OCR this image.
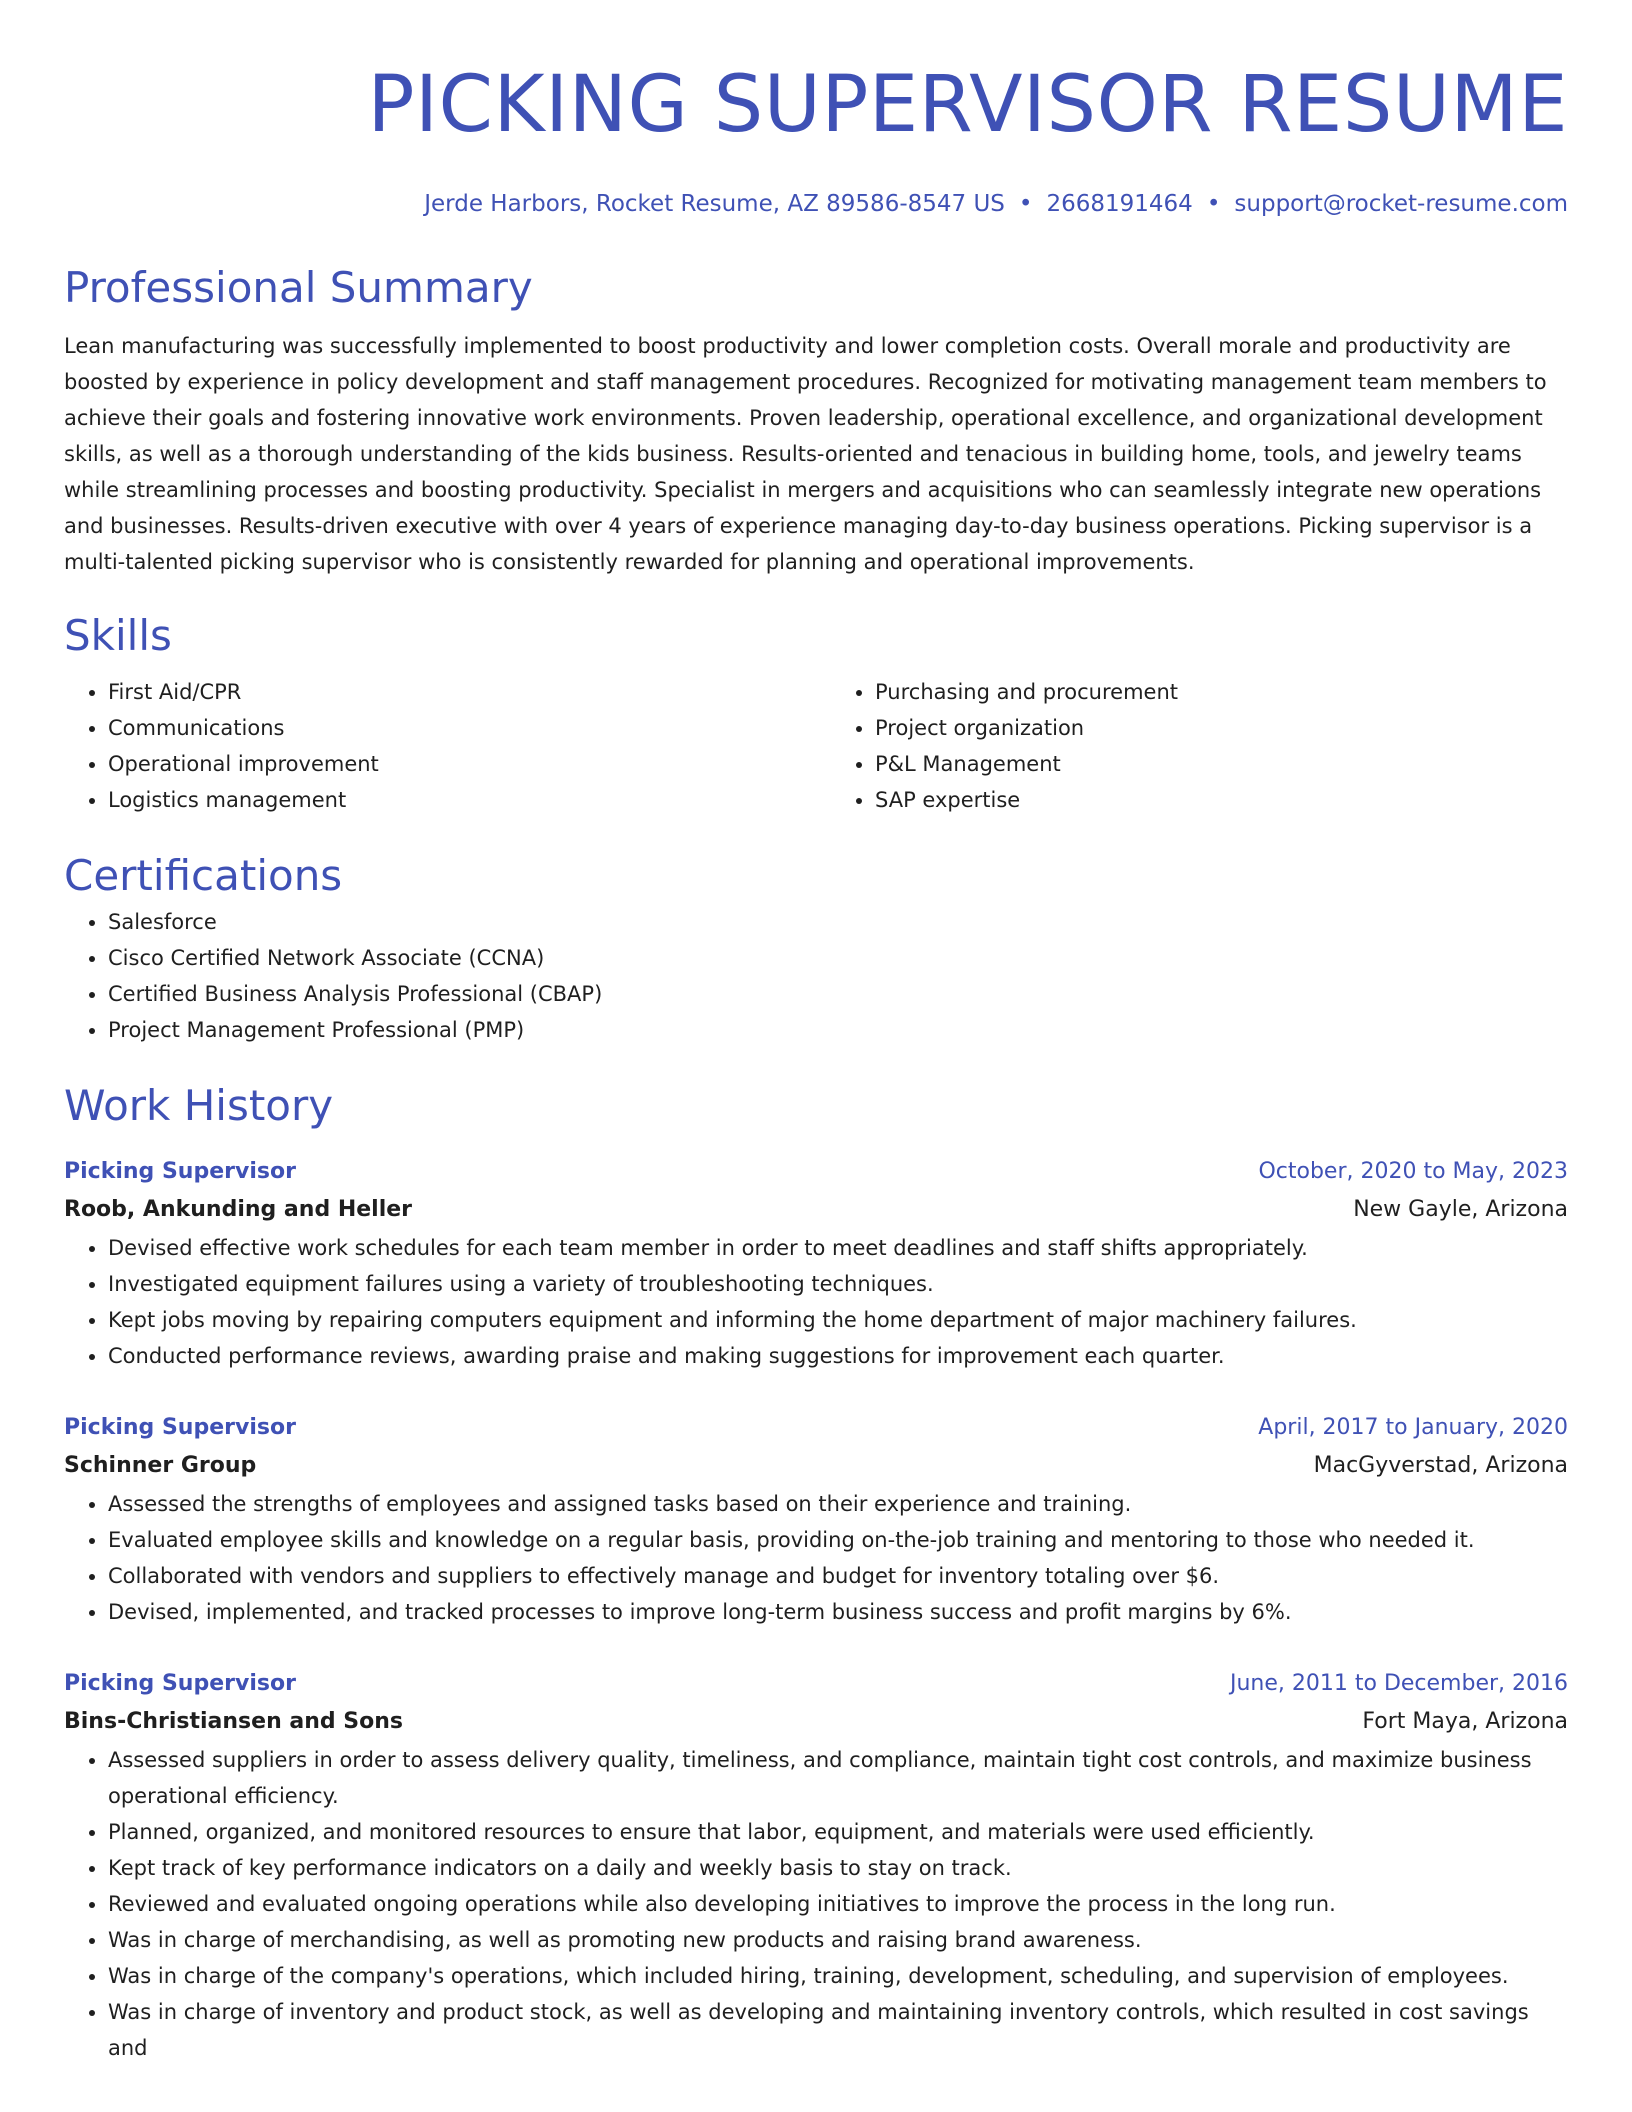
PICKING SUPERVISOR RESUME
Jerde Harbors, Rocket Resume, AZ 89586-8547 US • 2668191464 • support@rocket-resume.com
Professional Summary

Lean manufacturing was successfully implemented to boost productivity and lower completion costs. Overall morale and productivity are boosted by experience in policy development and staff management procedures. Recognized for motivating management team members to achieve their goals and fostering innovative work environments. Proven leadership, operational excellence, and organizational development skills, as well as a thorough understanding of the kids business. Results-oriented and tenacious in building home, tools, and jewelry teams while streamlining processes and boosting productivity. Specialist in mergers and acquisitions who can seamlessly integrate new operations and businesses. Results-driven executive with over 4 years of experience managing day-to-day business operations. Picking supervisor is a multi-talented picking supervisor who is consistently rewarded for planning and operational improvements.

Skills
• First Aid/CPR
• Communications
• Operational improvement
• Logistics management
• Purchasing and procurement
• Project organization
• P&L Management
• SAP expertise
Certifications
• Salesforce
• Cisco Certified Network Associate (CCNA)
• Certified Business Analysis Professional (CBAP)
• Project Management Professional (PMP)
Work History
Picking Supervisor	October, 2020 to May, 2023
Roob, Ankunding and Heller	New Gayle, Arizona
• Devised effective work schedules for each team member in order to meet deadlines and staff shifts appropriately.
• Investigated equipment failures using a variety of troubleshooting techniques.
• Kept jobs moving by repairing computers equipment and informing the home department of major machinery failures.
• Conducted performance reviews, awarding praise and making suggestions for improvement each quarter.
Picking Supervisor	April, 2017 to January, 2020
Schinner Group	MacGyverstad, Arizona
• Assessed the strengths of employees and assigned tasks based on their experience and training.
• Evaluated employee skills and knowledge on a regular basis, providing on-the-job training and mentoring to those who needed it.
• Collaborated with vendors and suppliers to effectively manage and budget for inventory totaling over $6.
• Devised, implemented, and tracked processes to improve long-term business success and profit margins by 6%.
Picking Supervisor	June, 2011 to December, 2016
Bins-Christiansen and Sons	Fort Maya, Arizona
• Assessed suppliers in order to assess delivery quality, timeliness, and compliance, maintain tight cost controls, and maximize business operational efficiency.
• Planned, organized, and monitored resources to ensure that labor, equipment, and materials were used efficiently.
• Kept track of key performance indicators on a daily and weekly basis to stay on track.
• Reviewed and evaluated ongoing operations while also developing initiatives to improve the process in the long run.
• Was in charge of merchandising, as well as promoting new products and raising brand awareness.
• Was in charge of the company's operations, which included hiring, training, development, scheduling, and supervision of employees.
• Was in charge of inventory and product stock, as well as developing and maintaining inventory controls, which resulted in cost savings and
